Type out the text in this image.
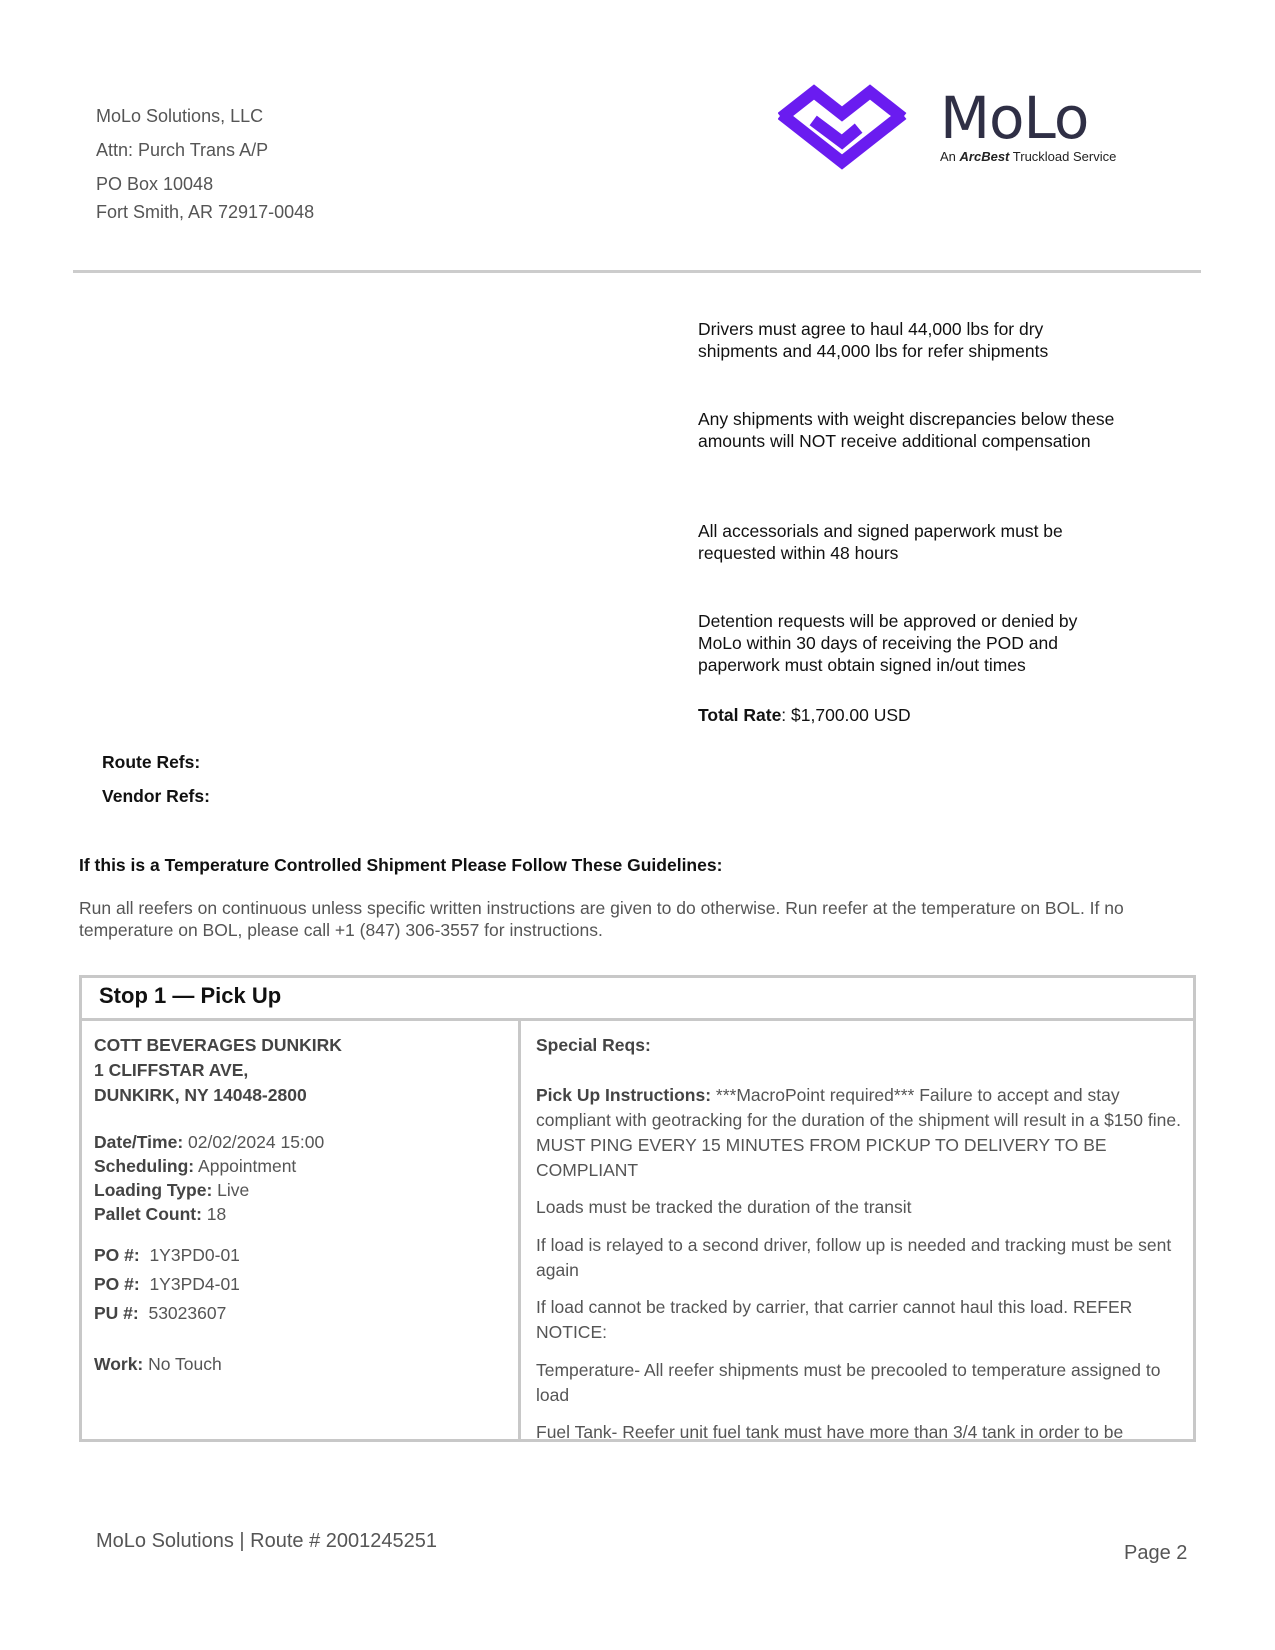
MoLo Solutions, LLC
Attn: Purch Trans A/P
PO Box 10048
Fort Smith, AR 72917-0048
MoLo
An ArcBest Truckload Service
Drivers must agree to haul 44,000 lbs for dry shipments and 44,000 lbs for refer shipments
Any shipments with weight discrepancies below these amounts will NOT receive additional compensation
All accessorials and signed paperwork must be requested within 48 hours
Detention requests will be approved or denied by MoLo within 30 days of receiving the POD and paperwork must obtain signed in/out times
Total Rate: $1,700.00 USD
Route Refs:
Vendor Refs:
If this is a Temperature Controlled Shipment Please Follow These Guidelines:
Run all reefers on continuous unless specific written instructions are given to do otherwise. Run reefer at the temperature on BOL. If no temperature on BOL, please call +1 (847) 306-3557 for instructions.
Stop 1 — Pick Up
COTT BEVERAGES DUNKIRK
1 CLIFFSTAR AVE,
DUNKIRK, NY 14048-2800
Date/Time: 02/02/2024 15:00
Scheduling: Appointment
Loading Type: Live
Pallet Count: 18
PO #:  1Y3PD0-01
PO #:  1Y3PD4-01
PU #:  53023607
Work: No Touch
Special Reqs:
Pick Up Instructions: ***MacroPoint required*** Failure to accept and stay compliant with geotracking for the duration of the shipment will result in a $150 fine. MUST PING EVERY 15 MINUTES FROM PICKUP TO DELIVERY TO BE COMPLIANT
Loads must be tracked the duration of the transit
If load is relayed to a second driver, follow up is needed and tracking must be sent again
If load cannot be tracked by carrier, that carrier cannot haul this load. REFER NOTICE:
Temperature- All reefer shipments must be precooled to temperature assigned to load
Fuel Tank- Reefer unit fuel tank must have more than 3/4 tank in order to be
MoLo Solutions | Route # 2001245251
Page 2
